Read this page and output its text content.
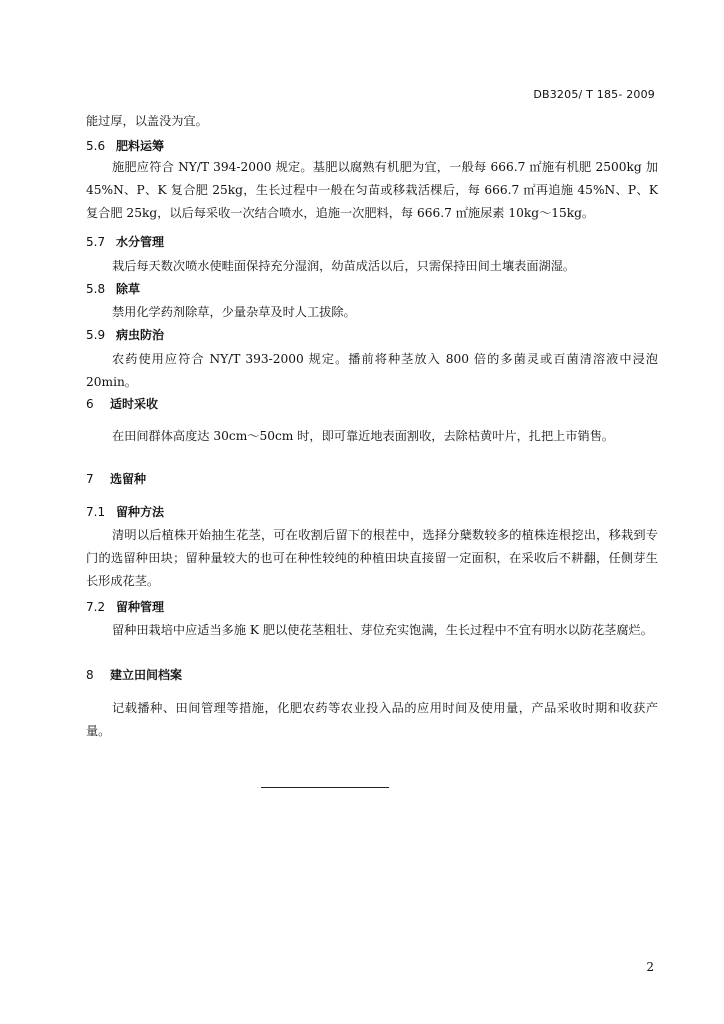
DB3205/ T 185- 2009

能过厚，以盖没为宜。

5.6 肥料运筹

施肥应符合 NY/T 394-2000 规定。基肥以腐熟有机肥为宜，一般每 666.7 ㎡施有机肥 2500kg 加 45%N、P、K 复合肥 25kg，生长过程中一般在匀苗或移栽活棵后，每 666.7 ㎡再追施 45%N、P、K 复合肥 25kg，以后每采收一次结合喷水，追施一次肥料，每 666.7 ㎡施尿素 10kg～15kg。

5.7 水分管理

栽后每天数次喷水使畦面保持充分湿润，幼苗成活以后，只需保持田间土壤表面湖湿。

5.8 除草

禁用化学药剂除草，少量杂草及时人工拔除。

5.9 病虫防治

农药使用应符合 NY/T 393-2000 规定。播前将种茎放入 800 倍的多菌灵或百菌清溶液中浸泡 20min。

6 适时采收

在田间群体高度达 30cm～50cm 时，即可靠近地表面割收，去除枯黄叶片，扎把上市销售。

7 选留种
7.1 留种方法

清明以后植株开始抽生花茎，可在收割后留下的根茬中，选择分蘖数较多的植株连根挖出，移栽到专门的选留种田块；留种量较大的也可在种性较纯的种植田块直接留一定面积，在采收后不耕翻，任侧芽生长形成花茎。

7.2 留种管理

留种田栽培中应适当多施 K 肥以使花茎粗壮、芽位充实饱满，生长过程中不宜有明水以防花茎腐烂。

8 建立田间档案

记载播种、田间管理等措施，化肥农药等农业投入品的应用时间及使用量，产品采收时期和收获产量。

2
